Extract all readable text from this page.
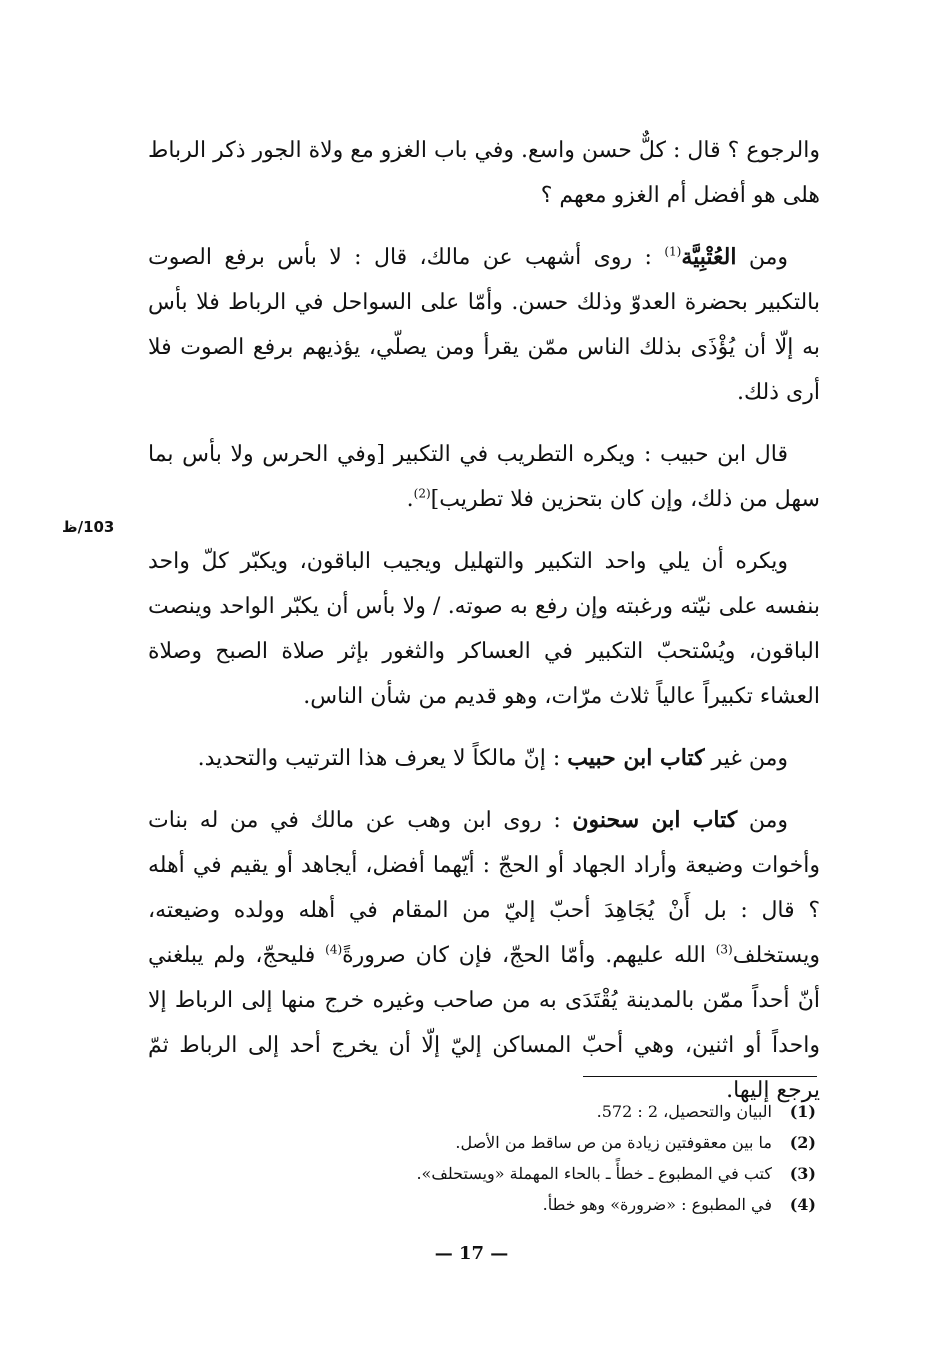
103/ظ

والرجوع ؟ قال : كلٌّ حسن واسع. وفي باب الغزو مع ولاة الجور ذكر الرباط هلى هو أفضل أم الغزو معهم ؟

ومن العُتْبِيَّة$^{(1)}$ : روى أشهب عن مالك، قال : لا بأس برفع الصوت بالتكبير بحضرة العدوّ وذلك حسن. وأمّا على السواحل في الرباط فلا بأس به إلّا أن يُؤْذَى بذلك الناس ممّن يقرأ ومن يصلّي، يؤذيهم برفع الصوت فلا أرى ذلك.

قال ابن حبيب : ويكره التطريب في التكبير [وفي الحرس ولا بأس بما سهل من ذلك، وإن كان بتحزين فلا تطريب]$^{(2)}$.

ويكره أن يلي واحد التكبير والتهليل ويجيب الباقون، ويكبّر كلّ واحد بنفسه على نيّته ورغبته وإن رفع به صوته. / ولا بأس أن يكبّر الواحد وينصت الباقون، ويُسْتحبّ التكبير في العساكر والثغور بإثر صلاة الصبح وصلاة العشاء تكبيراً عالياً ثلاث مرّات، وهو قديم من شأن الناس.

ومن غير كتاب ابن حبيب : إنّ مالكاً لا يعرف هذا الترتيب والتحديد.

ومن كتاب ابن سحنون : روى ابن وهب عن مالك في من له بنات وأخوات وضيعة وأراد الجهاد أو الحجّ : أيّهما أفضل، أيجاهد أو يقيم في أهله ؟ قال : بل أَنْ يُجَاهِدَ أحبّ إليّ من المقام في أهله وولده وضيعته، ويستخلف$^{(3)}$ الله عليهم. وأمّا الحجّ، فإن كان صرورةً$^{(4)}$ فليحجّ، ولم يبلغني أنّ أحداً ممّن بالمدينة يُقْتَدَى به من صاحب وغيره خرج منها إلى الرباط إلا واحداً أو اثنين، وهي أحبّ المساكن إليّ إلّا أن يخرج أحد إلى الرباط ثمّ يرجع إليها.

(1)
البيان والتحصيل، 2 : 572.
(2)
ما بين معقوفتين زيادة من ص ساقط من الأصل.
(3)
كتب في المطبوع ـ خطأً ـ بالحاء المهملة «ويستحلف».
(4)
في المطبوع : «ضرورة» وهو خطأ.
— 17 —
